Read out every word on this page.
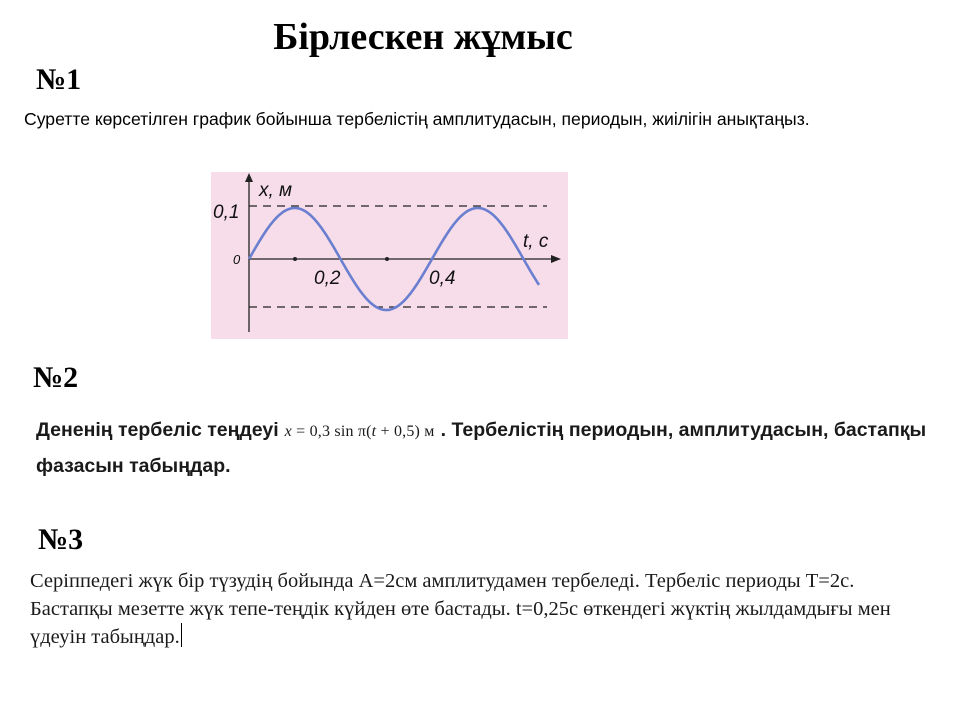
Бірлескен жұмыс
№1
Суретте көрсетілген график бойынша тербелістің амплитудасын, периодын, жиілігін анықтаңыз.
x, м
t, с
0,1
0
0,2	0,4
№2
Дененің тербеліс теңдеуі x = 0,3 sin π(t + 0,5) м . Тербелістің периодын, амплитудасын, бастапқы фазасын табыңдар.
№3
Серіппедегі жүк бір түзудің бойында А=2см амплитудамен тербеледі. Тербеліс периоды Т=2с. Бастапқы мезетте жүк тепе-теңдік күйден өте бастады. t=0,25с өткендегі жүктің жылдамдығы мен үдеуін табыңдар.
